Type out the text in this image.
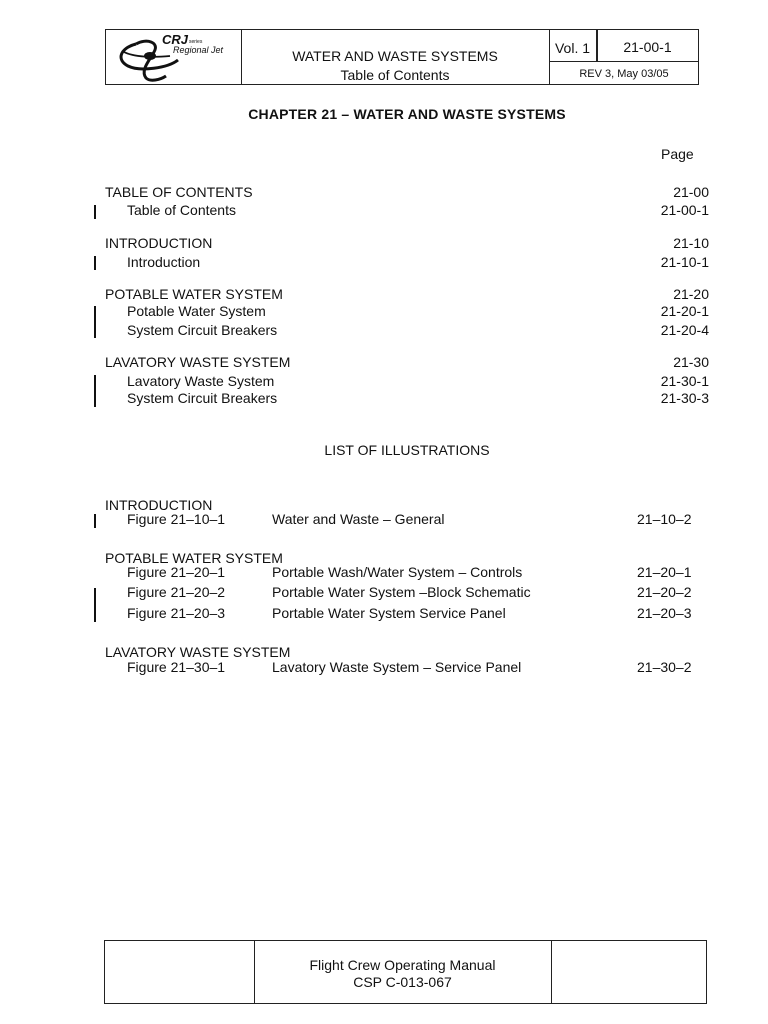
CRJ series
Regional Jet	WATER AND WASTE SYSTEMS
Table of Contents
Vol. 1	21-00-1
REV 3, May 03/05
CHAPTER 21 – WATER AND WASTE SYSTEMS
Page
TABLE OF CONTENTS	21-00
Table of Contents	21-00-1
INTRODUCTION	21-10
Introduction	21-10-1
POTABLE WATER SYSTEM	21-20
Potable Water System	21-20-1
System Circuit Breakers	21-20-4
LAVATORY WASTE SYSTEM	21-30
Lavatory Waste System	21-30-1
System Circuit Breakers	21-30-3
LIST OF ILLUSTRATIONS
INTRODUCTION
Figure 21–10–1	Water and Waste – General	21–10–2
POTABLE WATER SYSTEM
Figure 21–20–1	Portable Wash/Water System – Controls	21–20–1
Figure 21–20–2	Portable Water System –Block Schematic	21–20–2
Figure 21–20–3	Portable Water System Service Panel	21–20–3
LAVATORY WASTE SYSTEM
Figure 21–30–1	Lavatory Waste System – Service Panel	21–30–2
Flight Crew Operating Manual
CSP C-013-067
